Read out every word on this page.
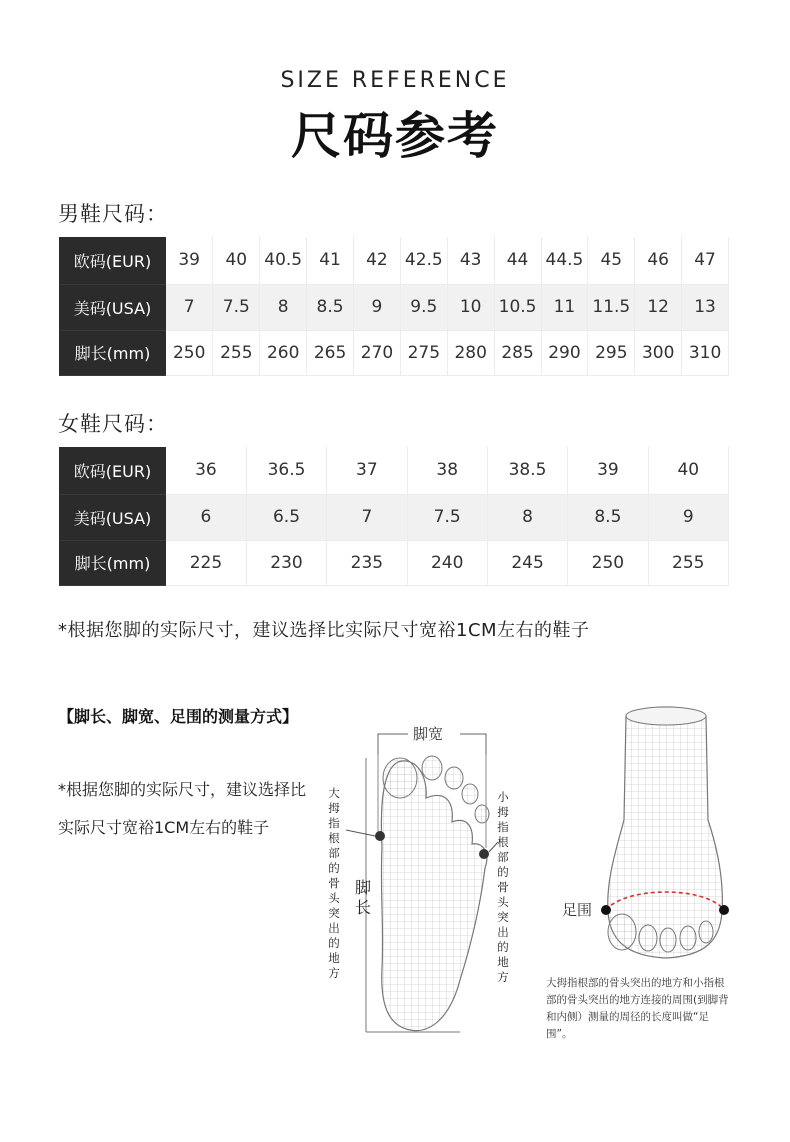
SIZE REFERENCE
尺码参考
男鞋尺码：
欧码(EUR)	39	40	40.5	41	42	42.5	43	44	44.5	45	46	47
美码(USA)	7	7.5	8	8.5	9	9.5	10	10.5	11	11.5	12	13
脚长(mm)	250	255	260	265	270	275	280	285	290	295	300	310
女鞋尺码：
欧码(EUR)	36	36.5	37	38	38.5	39	40
美码(USA)	6	6.5	7	7.5	8	8.5	9
脚长(mm)	225	230	235	240	245	250	255
*根据您脚的实际尺寸，建议选择比实际尺寸宽裕1CM左右的鞋子
【脚长、脚宽、足围的测量方式】
*根据您脚的实际尺寸，建议选择比实际尺寸宽裕1CM左右的鞋子
脚宽
脚长
大拇指根部的骨头突出的地方
小拇指根部的骨头突出的地方
足围
大拇指根部的骨头突出的地方和小指根部的骨头突出的地方连接的周围(到脚背和内侧）测量的周径的长度叫做“足围”。
